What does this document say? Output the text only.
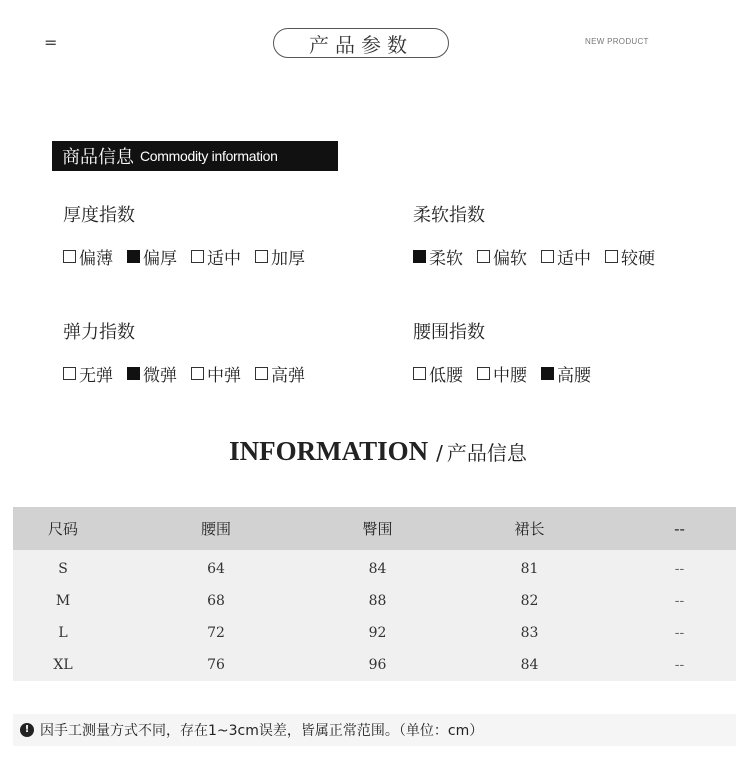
=	产品参数	NEW PRODUCT
商品信息 Commodity information
厚度指数
偏薄 偏厚 适中 加厚
柔软指数
柔软 偏软 适中 较硬
弹力指数
无弹 微弹 中弹 高弹
腰围指数
低腰 中腰 高腰
INFORMATION / 产品信息
尺码	腰围	臀围	裙长	--
S	64	84	81	--
M	68	88	82	--
L	72	92	83	--
XL	76	96	84	--
! 因手工测量方式不同，存在1~3cm误差，皆属正常范围。（单位：cm）
